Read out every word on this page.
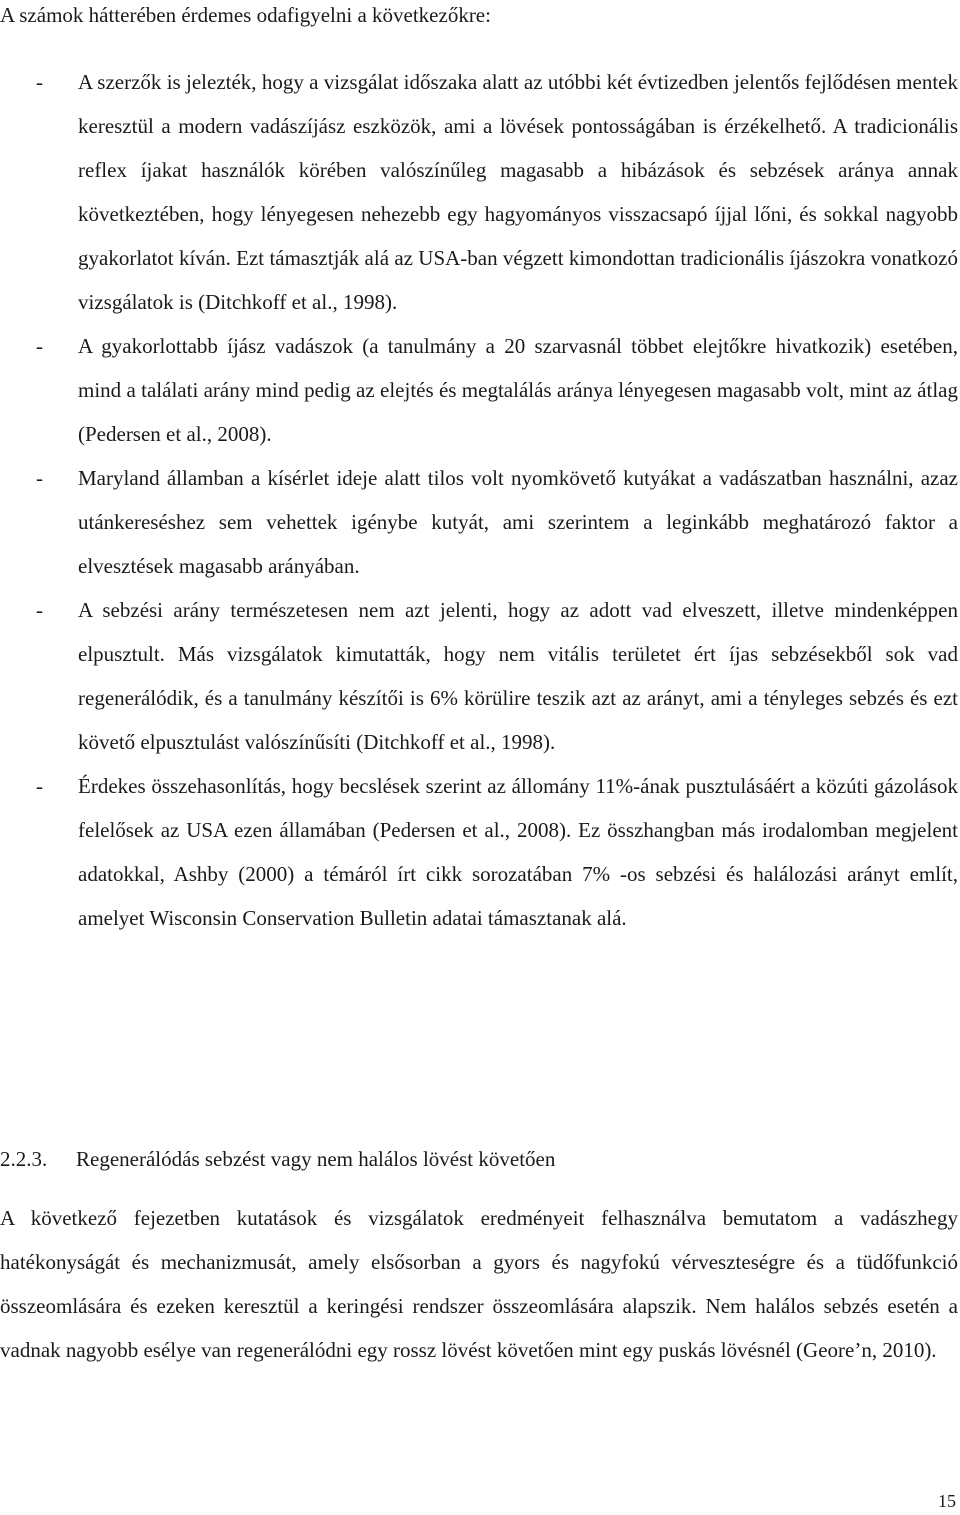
A számok hátterében érdemes odafigyelni a következőkre:

- A szerzők is jelezték, hogy a vizsgálat időszaka alatt az utóbbi két évtizedben jelentős fejlődésen mentek keresztül a modern vadászíjász eszközök, ami a lövések pontosságában is érzékelhető. A tradicionális reflex íjakat használók körében valószínűleg magasabb a hibázások és sebzések aránya annak következtében, hogy lényegesen nehezebb egy hagyományos visszacsapó íjjal lőni, és sokkal nagyobb gyakorlatot kíván. Ezt támasztják alá az USA-ban végzett kimondottan tradicionális íjászokra vonatkozó vizsgálatok is (Ditchkoff et al., 1998).
- A gyakorlottabb íjász vadászok (a tanulmány a 20 szarvasnál többet elejtőkre hivatkozik) esetében, mind a találati arány mind pedig az elejtés és megtalálás aránya lényegesen magasabb volt, mint az átlag (Pedersen et al., 2008).
- Maryland államban a kísérlet ideje alatt tilos volt nyomkövető kutyákat a vadászatban használni, azaz utánkereséshez sem vehettek igénybe kutyát, ami szerintem a leginkább meghatározó faktor a elvesztések magasabb arányában.
- A sebzési arány természetesen nem azt jelenti, hogy az adott vad elveszett, illetve mindenképpen elpusztult. Más vizsgálatok kimutatták, hogy nem vitális területet ért íjas sebzésekből sok vad regenerálódik, és a tanulmány készítői is 6% körülire teszik azt az arányt, ami a tényleges sebzés és ezt követő elpusztulást valószínűsíti (Ditchkoff et al., 1998).
- Érdekes összehasonlítás, hogy becslések szerint az állomány 11%-ának pusztulásáért a közúti gázolások felelősek az USA ezen államában (Pedersen et al., 2008). Ez összhangban más irodalomban megjelent adatokkal, Ashby (2000) a témáról írt cikk sorozatában 7% -os sebzési és halálozási arányt említ, amelyet Wisconsin Conservation Bulletin adatai támasztanak alá.
2.2.3. Regenerálódás sebzést vagy nem halálos lövést követően

A következő fejezetben kutatások és vizsgálatok eredményeit felhasználva bemutatom a vadászhegy hatékonyságát és mechanizmusát, amely elsősorban a gyors és nagyfokú vérveszteségre és a tüdőfunkció összeomlására és ezeken keresztül a keringési rendszer összeomlására alapszik. Nem halálos sebzés esetén a vadnak nagyobb esélye van regenerálódni egy rossz lövést követően mint egy puskás lövésnél (Geore’n, 2010).

15
